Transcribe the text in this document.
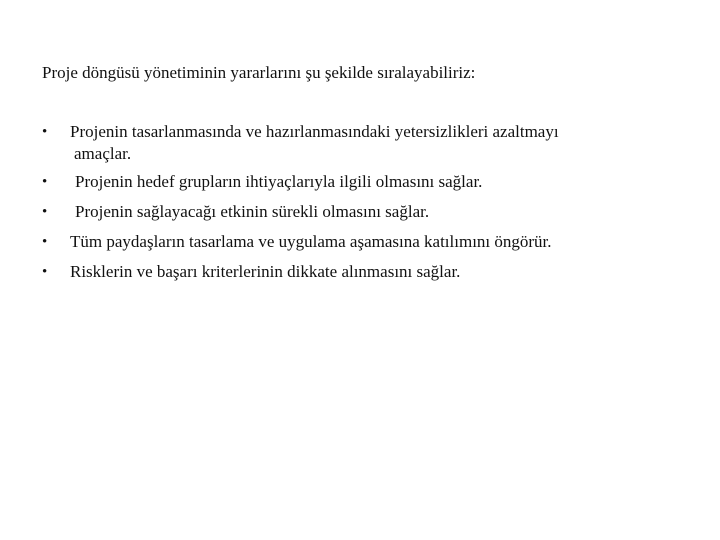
Proje döngüsü yönetiminin yararlarını şu şekilde sıralayabiliriz:

•	Projenin tasarlanmasında ve hazırlanmasındaki yetersizlikleri azaltmayı
amaçlar.
•	Projenin hedef grupların ihtiyaçlarıyla ilgili olmasını sağlar.
•	Projenin sağlayacağı etkinin sürekli olmasını sağlar.
•	Tüm paydaşların tasarlama ve uygulama aşamasına katılımını öngörür.
•	Risklerin ve başarı kriterlerinin dikkate alınmasını sağlar.
